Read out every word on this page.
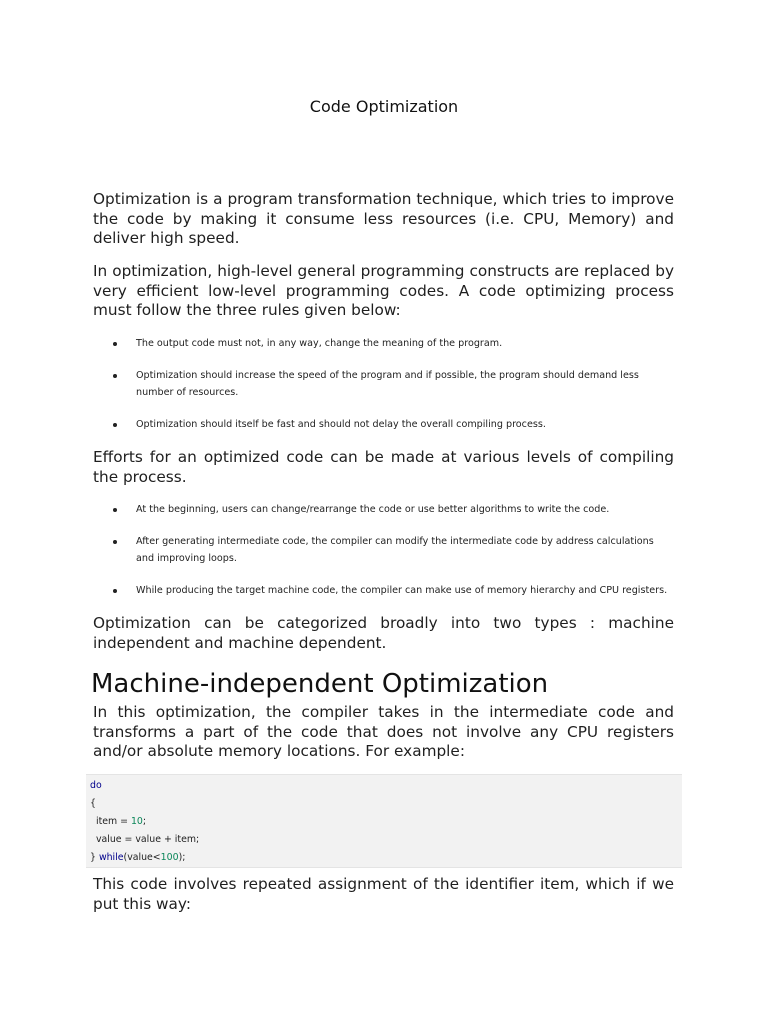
Code Optimization

Optimization is a program transformation technique, which tries to improve the code by making it consume less resources (i.e. CPU, Memory) and deliver high speed.

In optimization, high-level general programming constructs are replaced by very efficient low-level programming codes. A code optimizing process must follow the three rules given below:

The output code must not, in any way, change the meaning of the program.
Optimization should increase the speed of the program and if possible, the program should demand less number of resources.
Optimization should itself be fast and should not delay the overall compiling process.

Efforts for an optimized code can be made at various levels of compiling the process.

At the beginning, users can change/rearrange the code or use better algorithms to write the code.
After generating intermediate code, the compiler can modify the intermediate code by address calculations and improving loops.
While producing the target machine code, the compiler can make use of memory hierarchy and CPU registers.

Optimization can be categorized broadly into two types : machine independent and machine dependent.

Machine-independent Optimization

In this optimization, the compiler takes in the intermediate code and transforms a part of the code that does not involve any CPU registers and/or absolute memory locations. For example:

do
{
item = 10;
value = value + item;
} while(value<100);

This code involves repeated assignment of the identifier item, which if we put this way:
